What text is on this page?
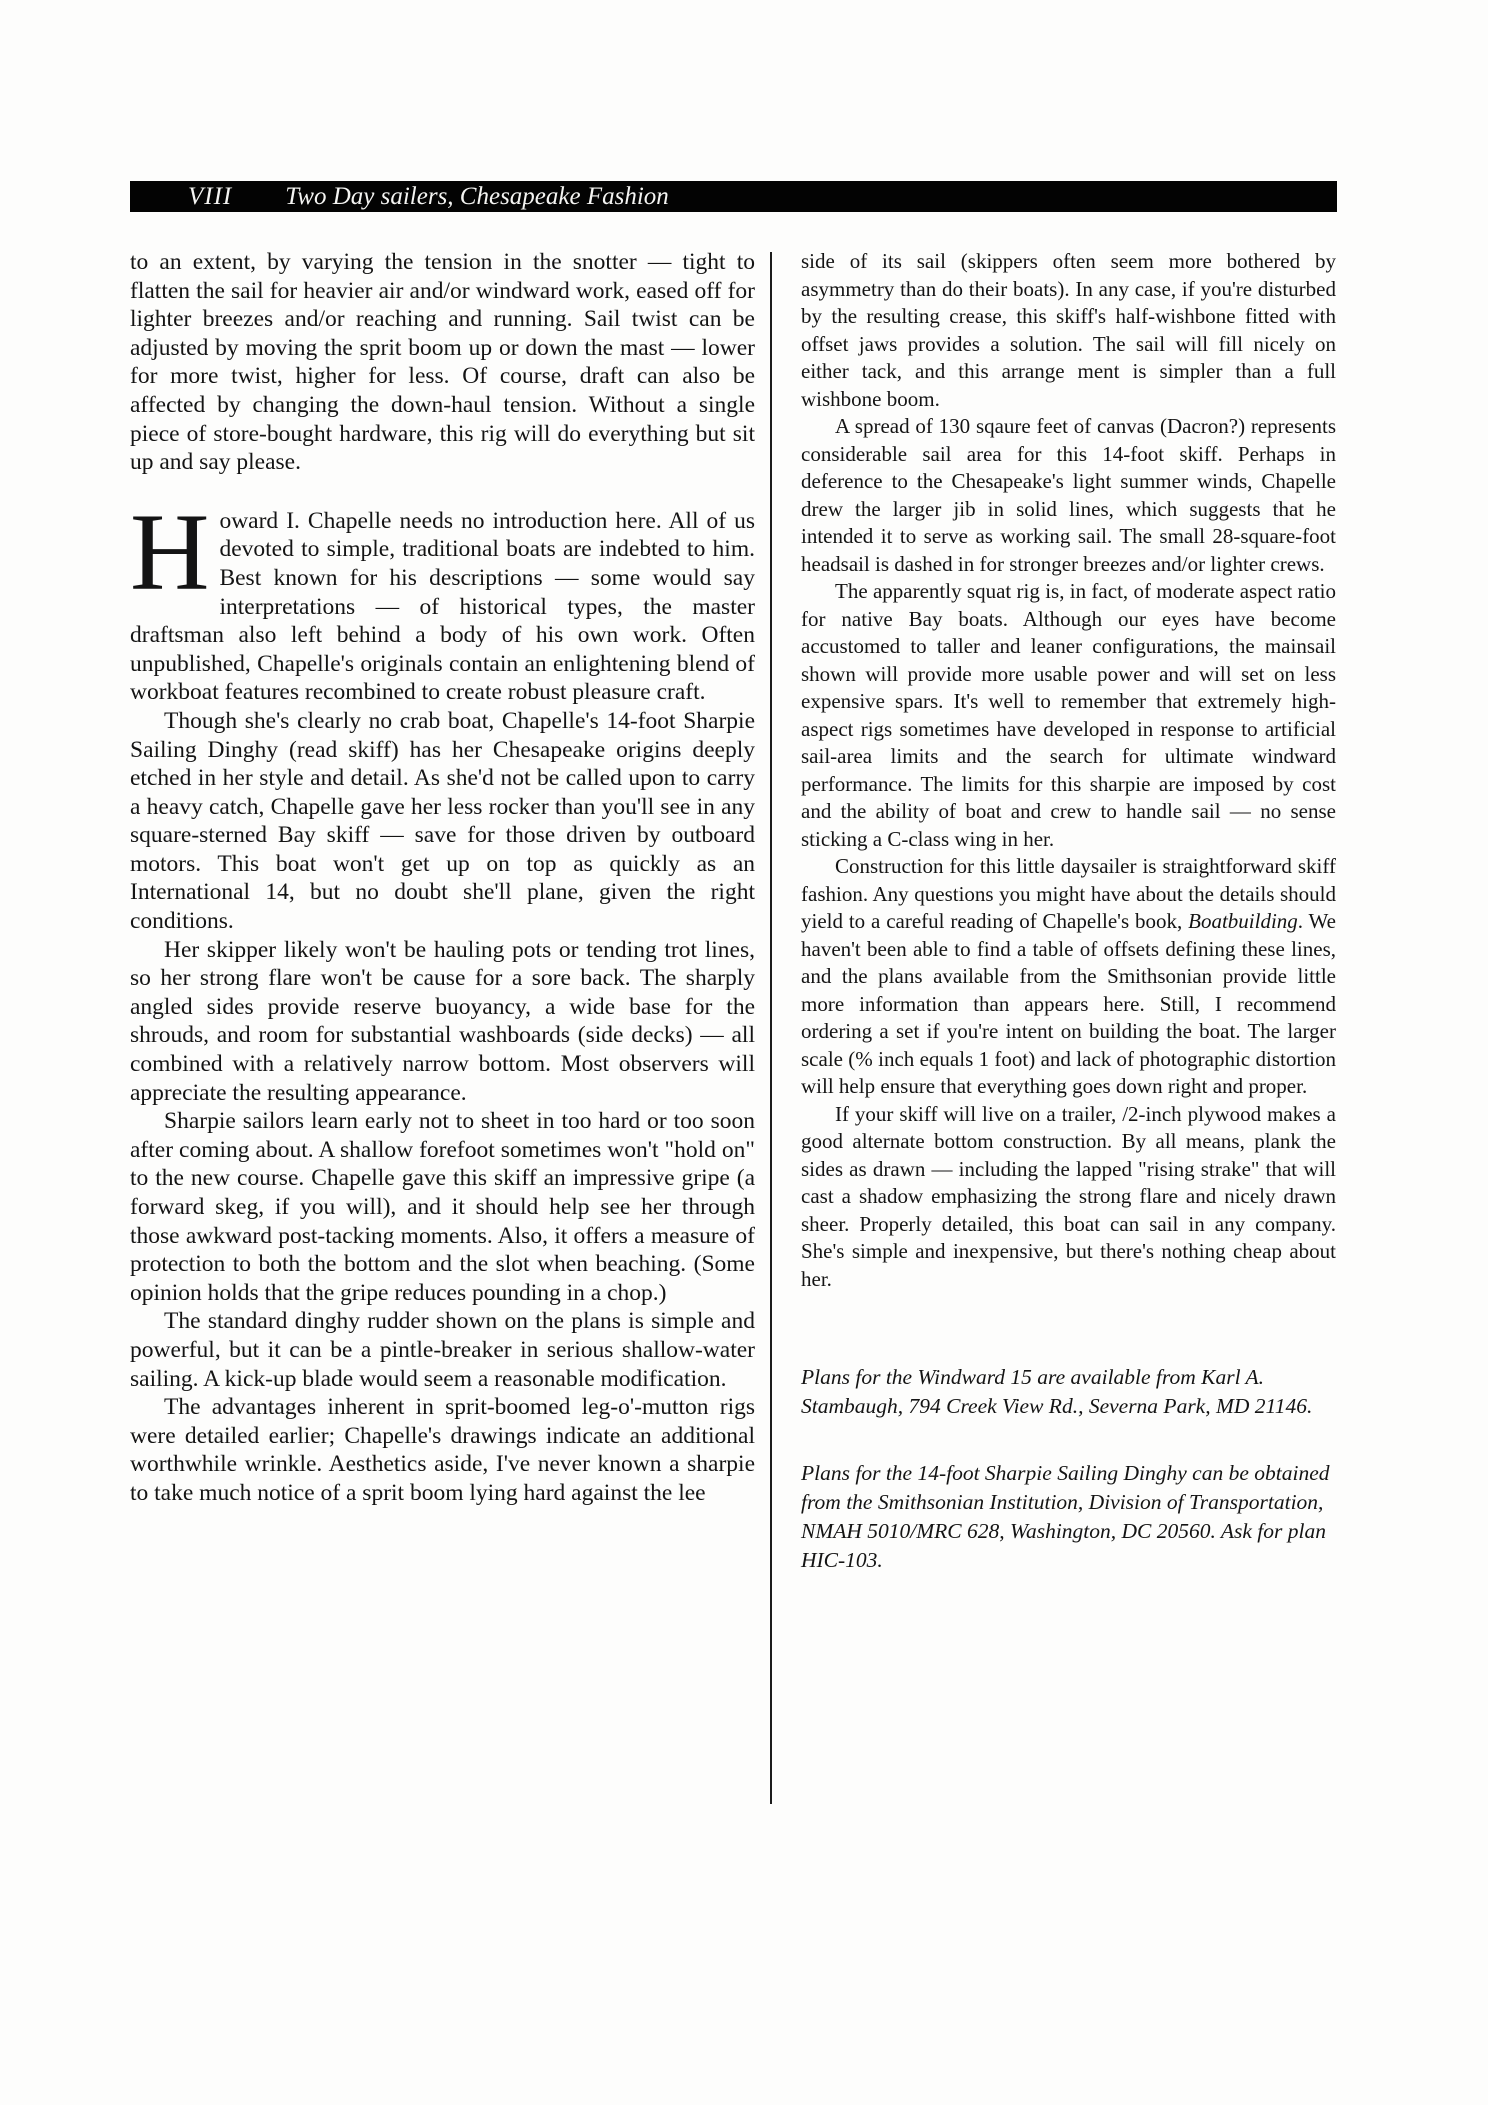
VIII Two Day sailers, Chesapeake Fashion

to an extent, by varying the tension in the snotter — tight to flatten the sail for heavier air and/or windward work, eased off for lighter breezes and/or reaching and running. Sail twist can be adjusted by moving the sprit boom up or down the mast — lower for more twist, higher for less. Of course, draft can also be affected by changing the down-haul tension. Without a single piece of store-bought hardware, this rig will do everything but sit up and say please.

Howard I. Chapelle needs no introduction here. All of us devoted to simple, traditional boats are indebted to him. Best known for his descriptions — some would say interpretations — of historical types, the master draftsman also left behind a body of his own work. Often unpublished, Chapelle's originals contain an enlightening blend of workboat features recombined to create robust pleasure craft.

Though she's clearly no crab boat, Chapelle's 14-foot Sharpie Sailing Dinghy (read skiff) has her Chesapeake origins deeply etched in her style and detail. As she'd not be called upon to carry a heavy catch, Chapelle gave her less rocker than you'll see in any square-sterned Bay skiff — save for those driven by outboard motors. This boat won't get up on top as quickly as an International 14, but no doubt she'll plane, given the right conditions.

Her skipper likely won't be hauling pots or tending trot lines, so her strong flare won't be cause for a sore back. The sharply angled sides provide reserve buoyancy, a wide base for the shrouds, and room for substantial washboards (side decks) — all combined with a relatively narrow bottom. Most observers will appreciate the resulting appearance.

Sharpie sailors learn early not to sheet in too hard or too soon after coming about. A shallow forefoot sometimes won't "hold on" to the new course. Chapelle gave this skiff an impressive gripe (a forward skeg, if you will), and it should help see her through those awkward post-tacking moments. Also, it offers a measure of protection to both the bottom and the slot when beaching. (Some opinion holds that the gripe reduces pounding in a chop.)

The standard dinghy rudder shown on the plans is simple and powerful, but it can be a pintle-breaker in serious shallow-water sailing. A kick-up blade would seem a reasonable modification.

The advantages inherent in sprit-boomed leg-o'-mutton rigs were detailed earlier; Chapelle's drawings indicate an additional worthwhile wrinkle. Aesthetics aside, I've never known a sharpie to take much notice of a sprit boom lying hard against the lee

side of its sail (skippers often seem more bothered by asymmetry than do their boats). In any case, if you're disturbed by the resulting crease, this skiff's half-wishbone fitted with offset jaws provides a solution. The sail will fill nicely on either tack, and this arrange ment is simpler than a full wishbone boom.

A spread of 130 sqaure feet of canvas (Dacron?) represents considerable sail area for this 14-foot skiff. Perhaps in deference to the Chesapeake's light summer winds, Chapelle drew the larger jib in solid lines, which suggests that he intended it to serve as working sail. The small 28-square-foot headsail is dashed in for stronger breezes and/or lighter crews.

The apparently squat rig is, in fact, of moderate aspect ratio for native Bay boats. Although our eyes have become accustomed to taller and leaner configurations, the mainsail shown will provide more usable power and will set on less expensive spars. It's well to remember that extremely high-aspect rigs sometimes have developed in response to artificial sail-area limits and the search for ultimate windward performance. The limits for this sharpie are imposed by cost and the ability of boat and crew to handle sail — no sense sticking a C-class wing in her.

Construction for this little daysailer is straightforward skiff fashion. Any questions you might have about the details should yield to a careful reading of Chapelle's book, Boatbuilding. We haven't been able to find a table of offsets defining these lines, and the plans available from the Smithsonian provide little more information than appears here. Still, I recommend ordering a set if you're intent on building the boat. The larger scale (% inch equals 1 foot) and lack of photographic distortion will help ensure that everything goes down right and proper.

If your skiff will live on a trailer, /2-inch plywood makes a good alternate bottom construction. By all means, plank the sides as drawn — including the lapped "rising strake" that will cast a shadow emphasizing the strong flare and nicely drawn sheer. Properly detailed, this boat can sail in any company. She's simple and inexpensive, but there's nothing cheap about her.

Plans for the Windward 15 are available from Karl A. Stambaugh, 794 Creek View Rd., Severna Park, MD 21146.

Plans for the 14-foot Sharpie Sailing Dinghy can be obtained from the Smithsonian Institution, Division of Transportation, NMAH 5010/MRC 628, Washington, DC 20560. Ask for plan HIC-103.
